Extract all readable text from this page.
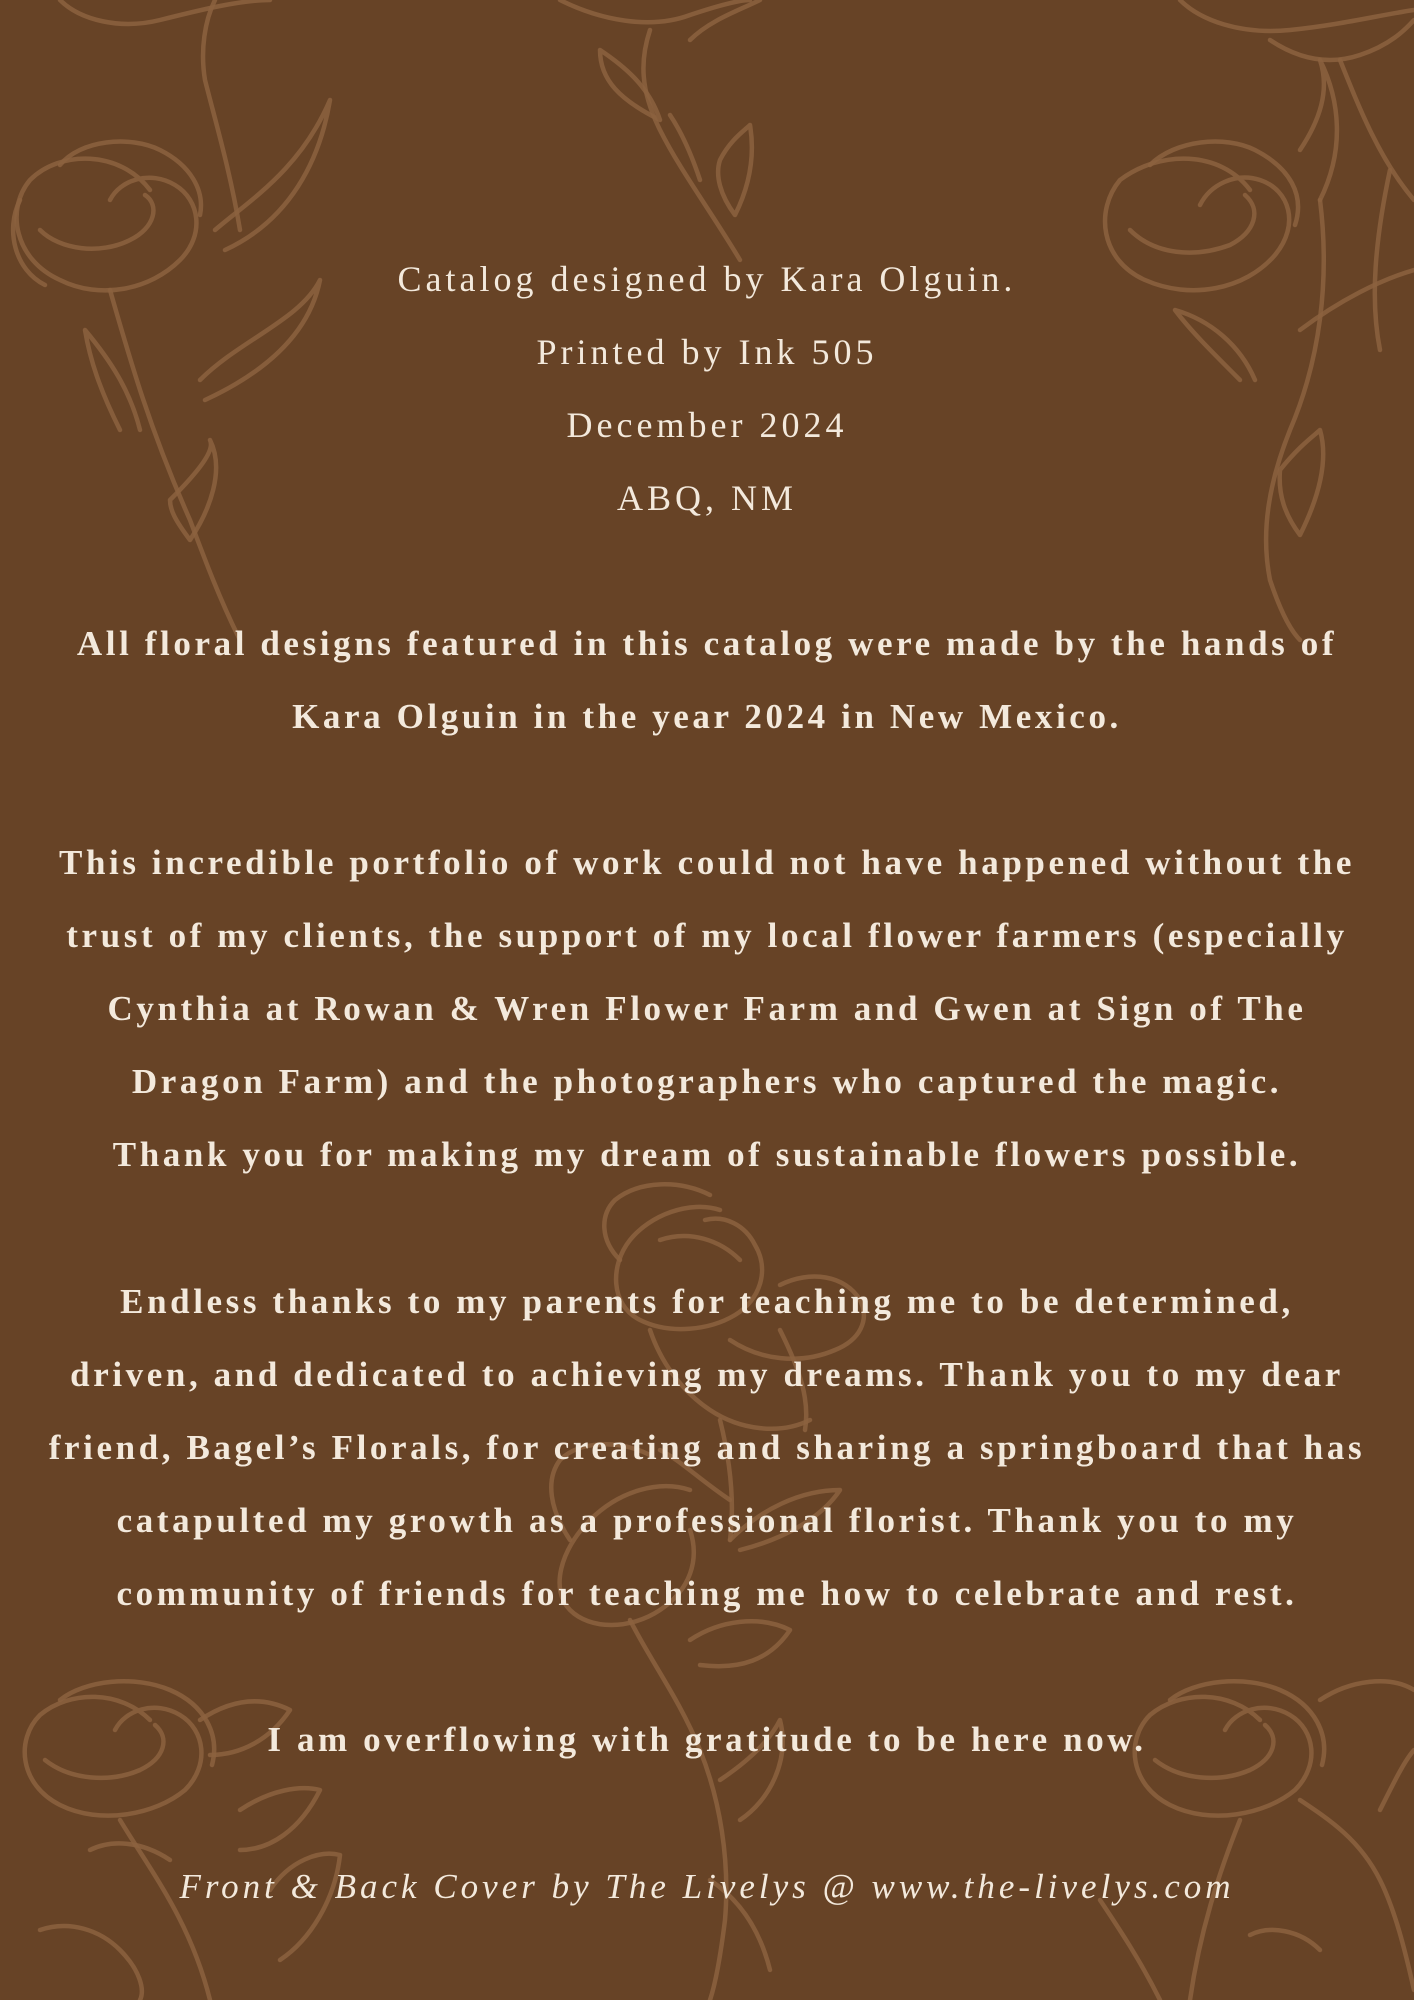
Catalog designed by Kara Olguin.
Printed by Ink 505
December 2024
ABQ, NM
All floral designs featured in this catalog were made by the hands of
Kara Olguin in the year 2024 in New Mexico.
This incredible portfolio of work could not have happened without the
trust of my clients, the support of my local flower farmers (especially
Cynthia at Rowan & Wren Flower Farm and Gwen at Sign of The
Dragon Farm) and the photographers who captured the magic.
Thank you for making my dream of sustainable flowers possible.
Endless thanks to my parents for teaching me to be determined,
driven, and dedicated to achieving my dreams. Thank you to my dear
friend, Bagel’s Florals, for creating and sharing a springboard that has
catapulted my growth as a professional florist. Thank you to my
community of friends for teaching me how to celebrate and rest.
I am overflowing with gratitude to be here now.
Front & Back Cover by The Livelys @ www.the-livelys.com
